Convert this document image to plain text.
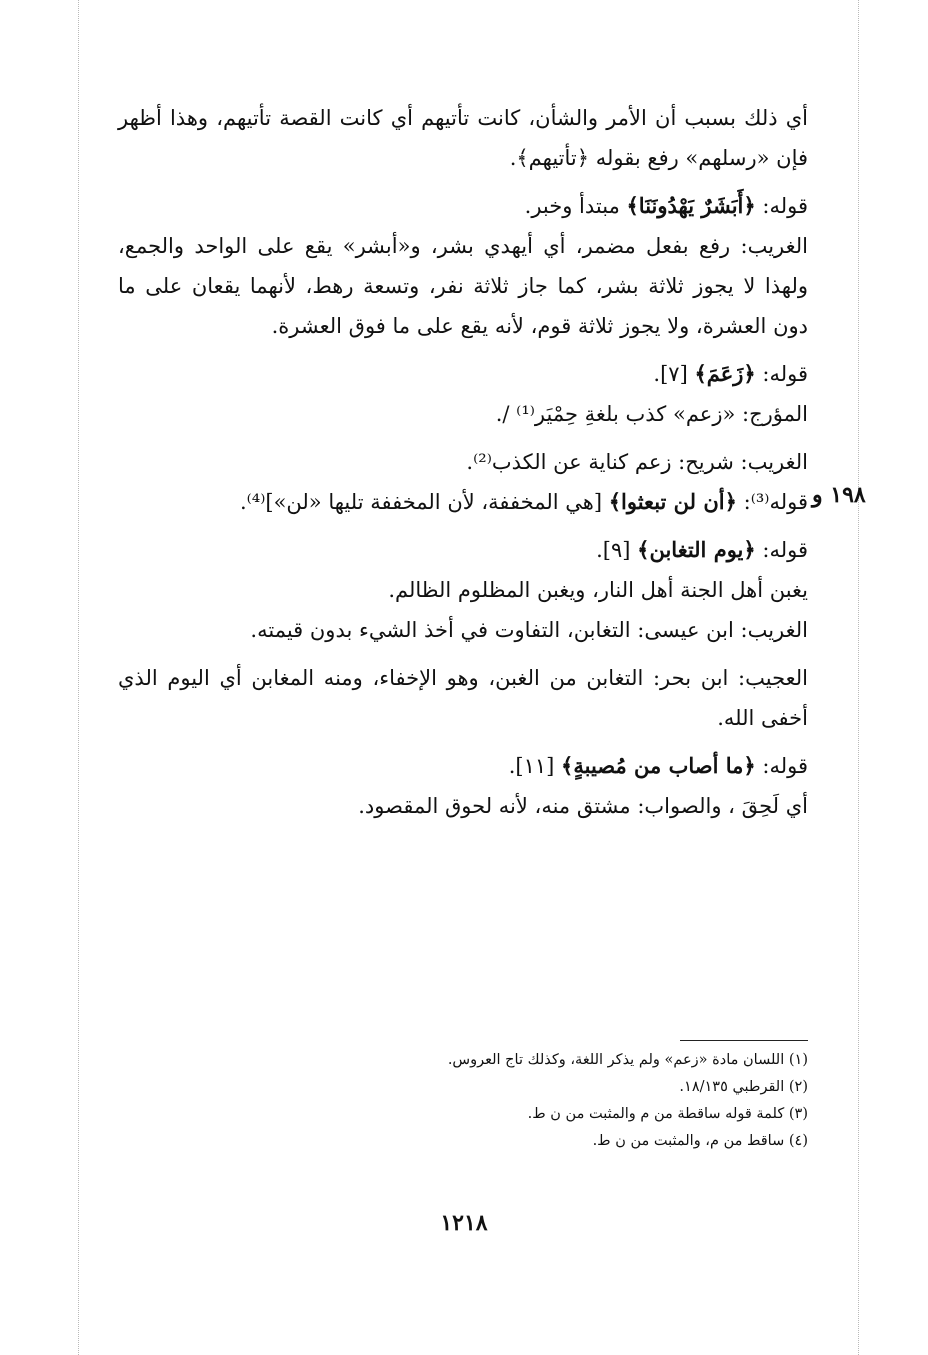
أي ذلك بسبب أن الأمر والشأن، كانت تأتيهم أي كانت القصة تأتيهم، وهذا أظهر فإن «رسلهم» رفع بقوله ﴿تأتيهم﴾.

قوله: ﴿أَبَشَرٌ يَهْدُونَنَا﴾ مبتدأ وخبر.

الغريب: رفع بفعل مضمر، أي أيهدي بشر، و«أبشر» يقع على الواحد والجمع، ولهذا لا يجوز ثلاثة بشر، كما جاز ثلاثة نفر، وتسعة رهط، لأنهما يقعان على ما دون العشرة، ولا يجوز ثلاثة قوم، لأنه يقع على ما فوق العشرة.

قوله: ﴿زَعَمَ﴾ [٧].

المؤرج: «زعم» كذب بلغةِ حِمْيَر⁽¹⁾ /.

الغريب: شريح: زعم كناية عن الكذب⁽²⁾.

قوله⁽³⁾: ﴿أن لن تبعثوا﴾ [هي المخففة، لأن المخففة تليها «لن»]⁽⁴⁾.

قوله: ﴿يوم التغابن﴾ [٩].

يغبن أهل الجنة أهل النار، ويغبن المظلوم الظالم.

الغريب: ابن عيسى: التغابن، التفاوت في أخذ الشيء بدون قيمته.

العجيب: ابن بحر: التغابن من الغبن، وهو الإخفاء، ومنه المغابن أي اليوم الذي أخفى الله.

قوله: ﴿ما أصاب من مُصيبةٍ﴾ [١١].

أي لَحِقَ ، والصواب: مشتق منه، لأنه لحوق المقصود.

١٩٨ و
(١) اللسان مادة «زعم» ولم يذكر اللغة، وكذلك تاج العروس.
(٢) القرطبي ١٨/١٣٥.
(٣) كلمة قوله ساقطة من م والمثبت من ن ط.
(٤) ساقط من م، والمثبت من ن ط.
١٢١٨
